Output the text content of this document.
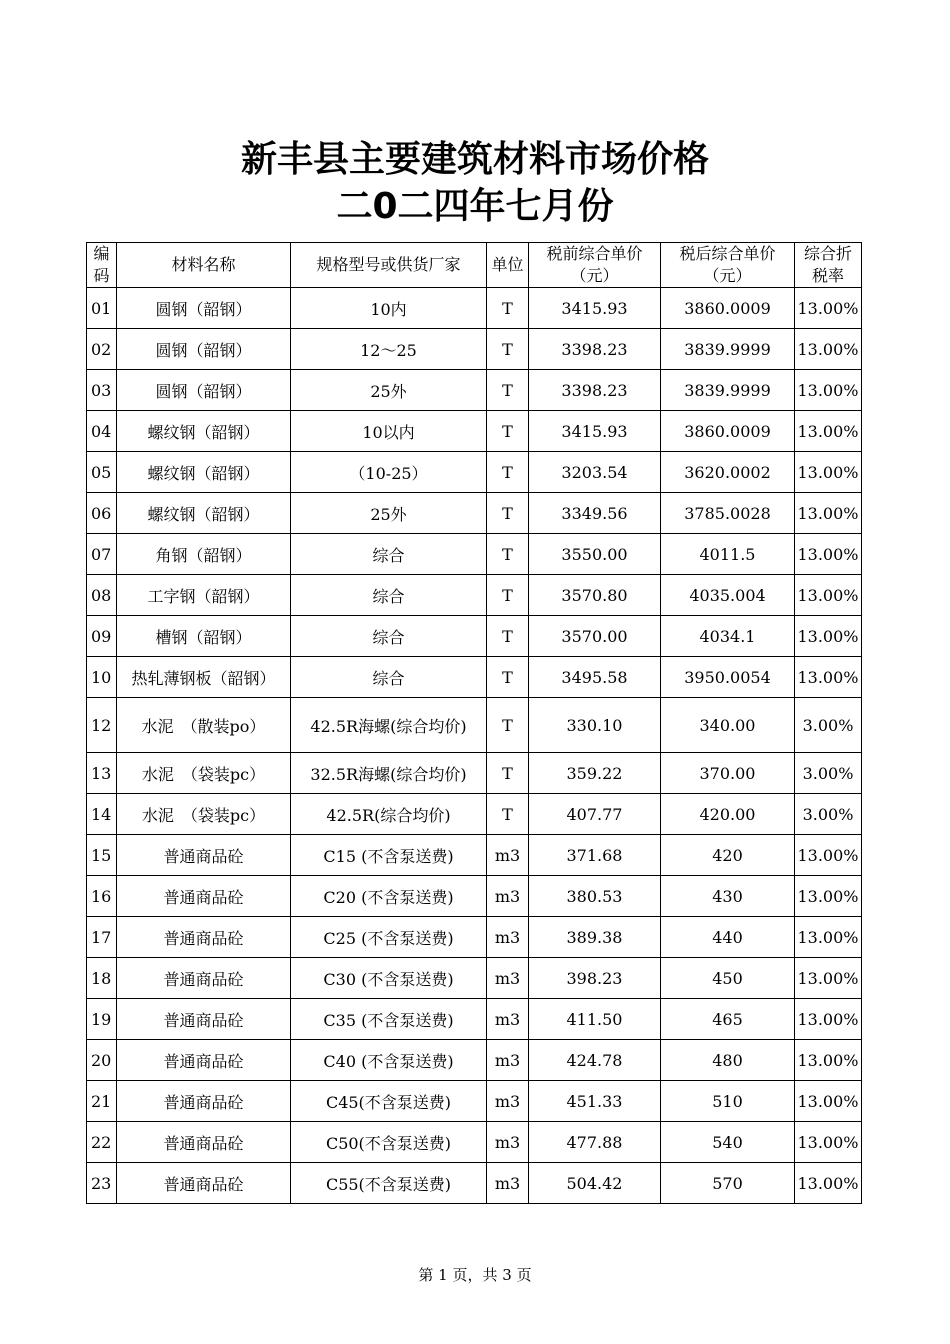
新丰县主要建筑材料市场价格
二0二四年七月份
编码	材料名称	规格型号或供货厂家	单位	税前综合单价（元）	税后综合单价（元）	综合折税率
01	圆钢（韶钢）	10内	T	3415.93	3860.0009	13.00%
02	圆钢（韶钢）	12～25	T	3398.23	3839.9999	13.00%
03	圆钢（韶钢）	25外	T	3398.23	3839.9999	13.00%
04	螺纹钢（韶钢）	10以内	T	3415.93	3860.0009	13.00%
05	螺纹钢（韶钢）	（10-25）	T	3203.54	3620.0002	13.00%
06	螺纹钢（韶钢）	25外	T	3349.56	3785.0028	13.00%
07	角钢（韶钢）	综合	T	3550.00	4011.5	13.00%
08	工字钢（韶钢）	综合	T	3570.80	4035.004	13.00%
09	槽钢（韶钢）	综合	T	3570.00	4034.1	13.00%
10	热轧薄钢板（韶钢）	综合	T	3495.58	3950.0054	13.00%
12	水泥　（散装po）	42.5R海螺(综合均价)	T	330.10	340.00	3.00%
13	水泥　（袋装pc）	32.5R海螺(综合均价)	T	359.22	370.00	3.00%
14	水泥　（袋装pc）	42.5R(综合均价)	T	407.77	420.00	3.00%
15	普通商品砼	C15 (不含泵送费)	m3	371.68	420	13.00%
16	普通商品砼	C20 (不含泵送费)	m3	380.53	430	13.00%
17	普通商品砼	C25 (不含泵送费)	m3	389.38	440	13.00%
18	普通商品砼	C30 (不含泵送费)	m3	398.23	450	13.00%
19	普通商品砼	C35 (不含泵送费)	m3	411.50	465	13.00%
20	普通商品砼	C40 (不含泵送费)	m3	424.78	480	13.00%
21	普通商品砼	C45(不含泵送费)	m3	451.33	510	13.00%
22	普通商品砼	C50(不含泵送费)	m3	477.88	540	13.00%
23	普通商品砼	C55(不含泵送费)	m3	504.42	570	13.00%
第 1 页，共 3 页
